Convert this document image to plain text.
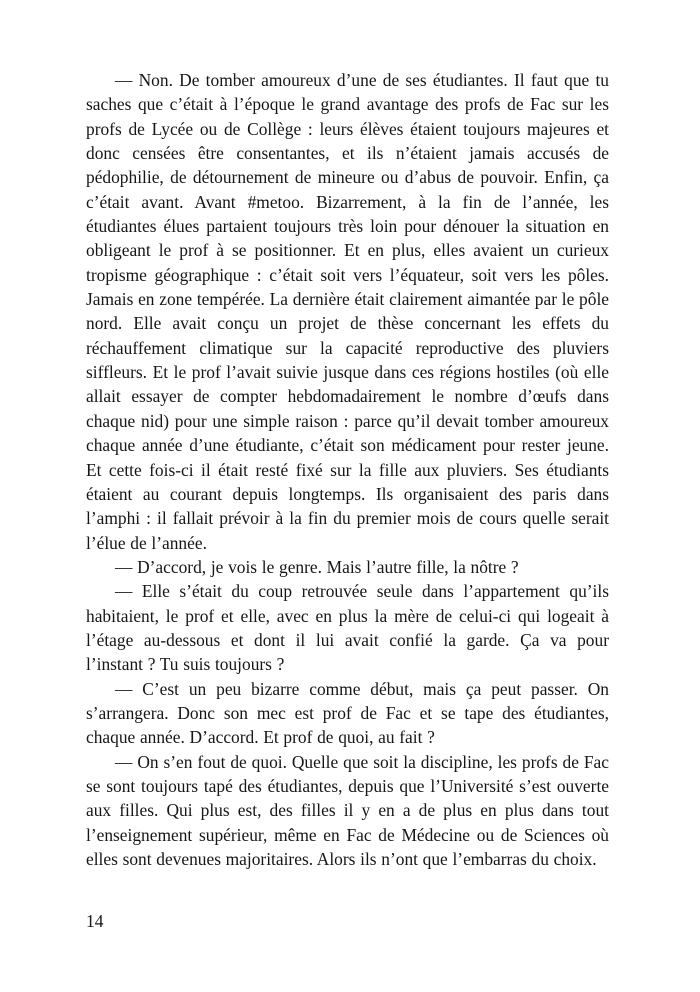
— Non. De tomber amoureux d’une de ses étudiantes. Il faut que tu saches que c’était à l’époque le grand avantage des profs de Fac sur les profs de Lycée ou de Collège : leurs élèves étaient toujours majeures et donc censées être consentantes, et ils n’étaient jamais accusés de pédophilie, de détournement de mineure ou d’abus de pouvoir. Enfin, ça c’était avant. Avant #metoo. Bizarrement, à la fin de l’année, les étudiantes élues partaient toujours très loin pour dénouer la situation en obligeant le prof à se positionner. Et en plus, elles avaient un curieux tropisme géographique : c’était soit vers l’équateur, soit vers les pôles. Jamais en zone tempérée. La dernière était clairement aimantée par le pôle nord. Elle avait conçu un projet de thèse concernant les effets du réchauffement climatique sur la capacité reproductive des pluviers siffleurs. Et le prof l’avait suivie jusque dans ces régions hostiles (où elle allait essayer de compter hebdomadairement le nombre d’œufs dans chaque nid) pour une simple raison : parce qu’il devait tomber amoureux chaque année d’une étudiante, c’était son médicament pour rester jeune. Et cette fois-ci il était resté fixé sur la fille aux pluviers. Ses étudiants étaient au courant depuis longtemps. Ils organisaient des paris dans l’amphi : il fallait prévoir à la fin du premier mois de cours quelle serait l’élue de l’année.

— D’accord, je vois le genre. Mais l’autre fille, la nôtre ?

— Elle s’était du coup retrouvée seule dans l’appartement qu’ils habitaient, le prof et elle, avec en plus la mère de celui-ci qui logeait à l’étage au-dessous et dont il lui avait confié la garde. Ça va pour l’instant ? Tu suis toujours ?

— C’est un peu bizarre comme début, mais ça peut passer. On s’arrangera. Donc son mec est prof de Fac et se tape des étudiantes, chaque année. D’accord. Et prof de quoi, au fait ?

— On s’en fout de quoi. Quelle que soit la discipline, les profs de Fac se sont toujours tapé des étudiantes, depuis que l’Université s’est ouverte aux filles. Qui plus est, des filles il y en a de plus en plus dans tout l’enseignement supérieur, même en Fac de Médecine ou de Sciences où elles sont devenues majoritaires. Alors ils n’ont que l’embarras du choix.

14
